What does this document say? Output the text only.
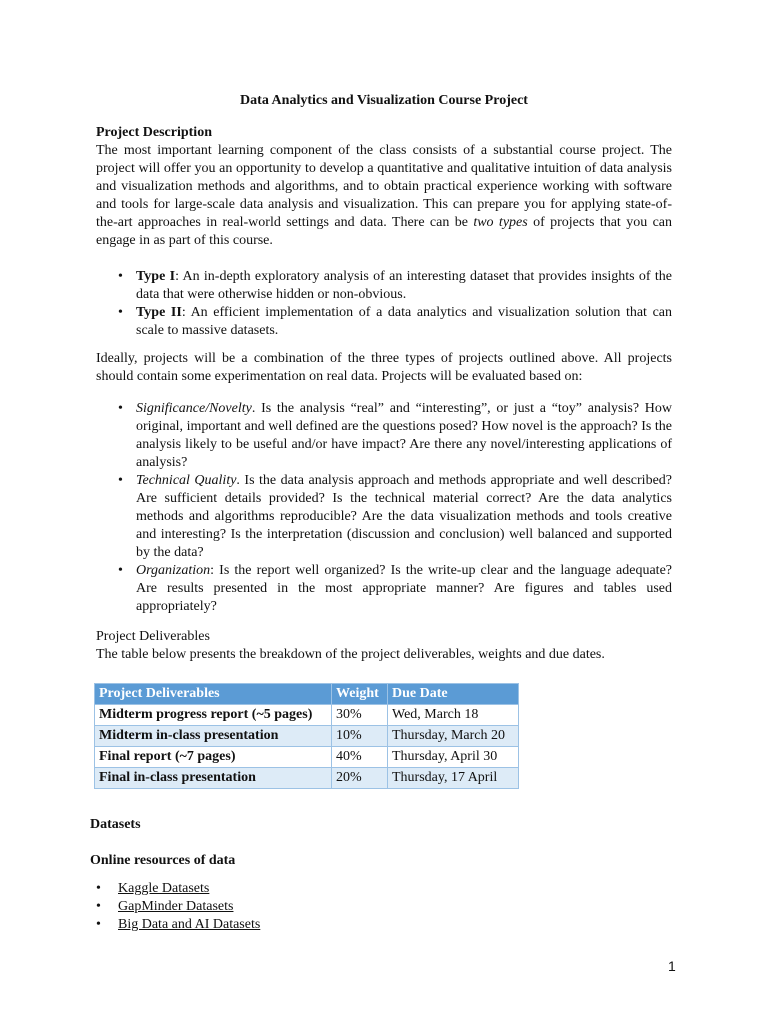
Data Analytics and Visualization Course Project
Project Description

The most important learning component of the class consists of a substantial course project. The project will offer you an opportunity to develop a quantitative and qualitative intuition of data analysis and visualization methods and algorithms, and to obtain practical experience working with software and tools for large-scale data analysis and visualization. This can prepare you for applying state-of-the-art approaches in real-world settings and data. There can be two types of projects that you can engage in as part of this course.

• Type I: An in-depth exploratory analysis of an interesting dataset that provides insights of the data that were otherwise hidden or non-obvious.
• Type II: An efficient implementation of a data analytics and visualization solution that can scale to massive datasets.

Ideally, projects will be a combination of the three types of projects outlined above. All projects should contain some experimentation on real data. Projects will be evaluated based on:

• Significance/Novelty. Is the analysis “real” and “interesting”, or just a “toy” analysis? How original, important and well defined are the questions posed? How novel is the approach? Is the analysis likely to be useful and/or have impact? Are there any novel/interesting applications of analysis?
• Technical Quality. Is the data analysis approach and methods appropriate and well described? Are sufficient details provided? Is the technical material correct? Are the data analytics methods and algorithms reproducible? Are the data visualization methods and tools creative and interesting? Is the interpretation (discussion and conclusion) well balanced and supported by the data?
• Organization: Is the report well organized? Is the write-up clear and the language adequate? Are results presented in the most appropriate manner? Are figures and tables used appropriately?
Project Deliverables

The table below presents the breakdown of the project deliverables, weights and due dates.

Project Deliverables	Weight	Due Date
Midterm progress report (~5 pages)	30%	Wed, March 18
Midterm in-class presentation	10%	Thursday, March 20
Final report (~7 pages)	40%	Thursday, April 30
Final in-class presentation	20%	Thursday, 17 April
Datasets
Online resources of data
• Kaggle Datasets
• GapMinder Datasets
• Big Data and AI Datasets
1
